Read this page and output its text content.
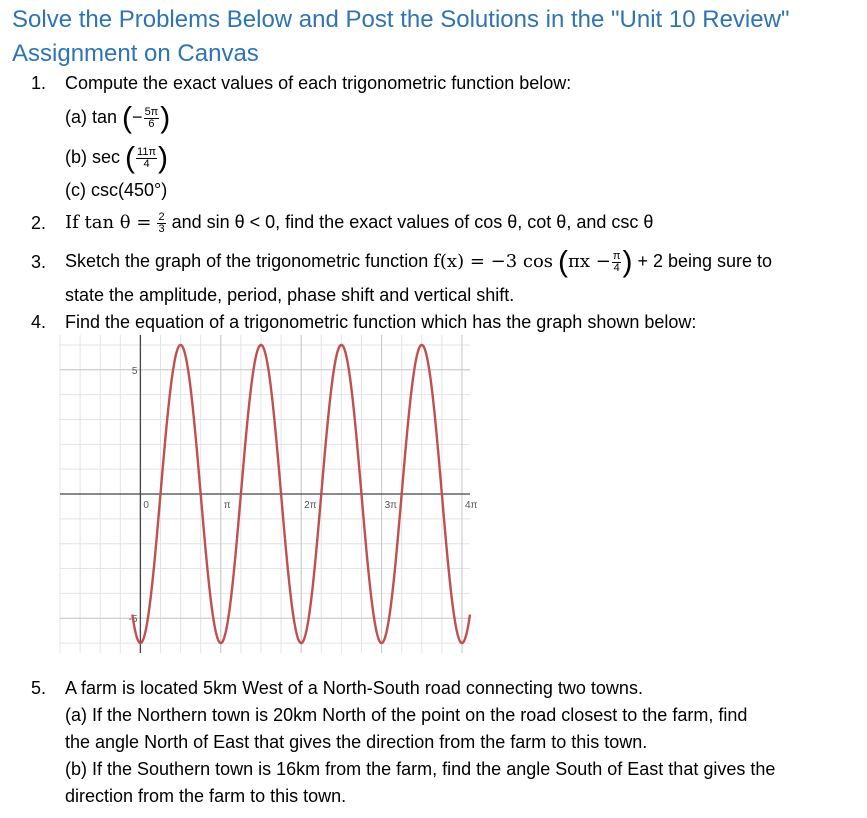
Solve the Problems Below and Post the Solutions in the "Unit 10 Review"
Assignment on Canvas
1. Compute the exact values of each trigonometric function below:
(a) tan (− $\frac{5\pi}{6}$ )
(b) sec ( $\frac{11\pi}{4}$ )
(c) csc(450°)
2. If $\tan \theta = \frac{2}{3}$ and sin θ < 0, find the exact values of cos θ, cot θ, and csc θ
3. Sketch the graph of the trigonometric function f(x) = −3 $\cos (\pi x - \frac{\pi}{4}$ ) + 2 being sure to
state the amplitude, period, phase shift and vertical shift.
4. Find the equation of a trigonometric function which has the graph shown below:
0	π	2π	3π	4π
5
-5
5. A farm is located 5km West of a North-South road connecting two towns.
(a) If the Northern town is 20km North of the point on the road closest to the farm, find
the angle North of East that gives the direction from the farm to this town.
(b) If the Southern town is 16km from the farm, find the angle South of East that gives the
direction from the farm to this town.
